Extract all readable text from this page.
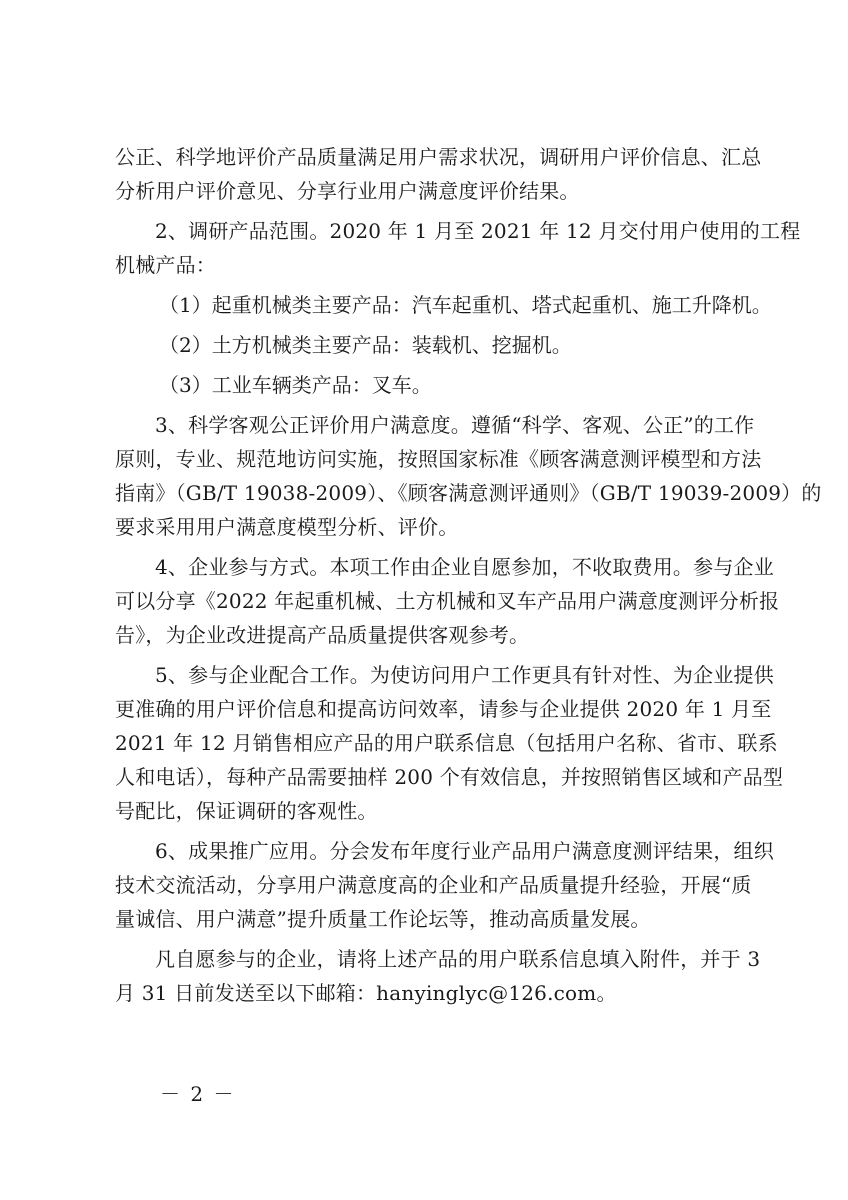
公正、科学地评价产品质量满足用户需求状况，调研用户评价信息、汇总
分析用户评价意见、分享行业用户满意度评价结果。

2、调研产品范围。2020 年 1 月至 2021 年 12 月交付用户使用的工程
机械产品：

（1）起重机械类主要产品：汽车起重机、塔式起重机、施工升降机。

（2）土方机械类主要产品：装载机、挖掘机。

（3）工业车辆类产品：叉车。

3、科学客观公正评价用户满意度。遵循“科学、客观、公正”的工作
原则，专业、规范地访问实施，按照国家标准《顾客满意测评模型和方法
指南》（GB/T 19038-2009）、《顾客满意测评通则》（GB/T 19039-2009）的
要求采用用户满意度模型分析、评价。

4、企业参与方式。本项工作由企业自愿参加，不收取费用。参与企业
可以分享《2022 年起重机械、土方机械和叉车产品用户满意度测评分析报
告》，为企业改进提高产品质量提供客观参考。

5、参与企业配合工作。为使访问用户工作更具有针对性、为企业提供
更准确的用户评价信息和提高访问效率，请参与企业提供 2020 年 1 月至
2021 年 12 月销售相应产品的用户联系信息（包括用户名称、省市、联系
人和电话），每种产品需要抽样 200 个有效信息，并按照销售区域和产品型
号配比，保证调研的客观性。

6、成果推广应用。分会发布年度行业产品用户满意度测评结果，组织
技术交流活动，分享用户满意度高的企业和产品质量提升经验，开展“质
量诚信、用户满意”提升质量工作论坛等，推动高质量发展。

凡自愿参与的企业，请将上述产品的用户联系信息填入附件，并于 3
月 31 日前发送至以下邮箱：hanyinglyc@126.com。

－ 2 －
